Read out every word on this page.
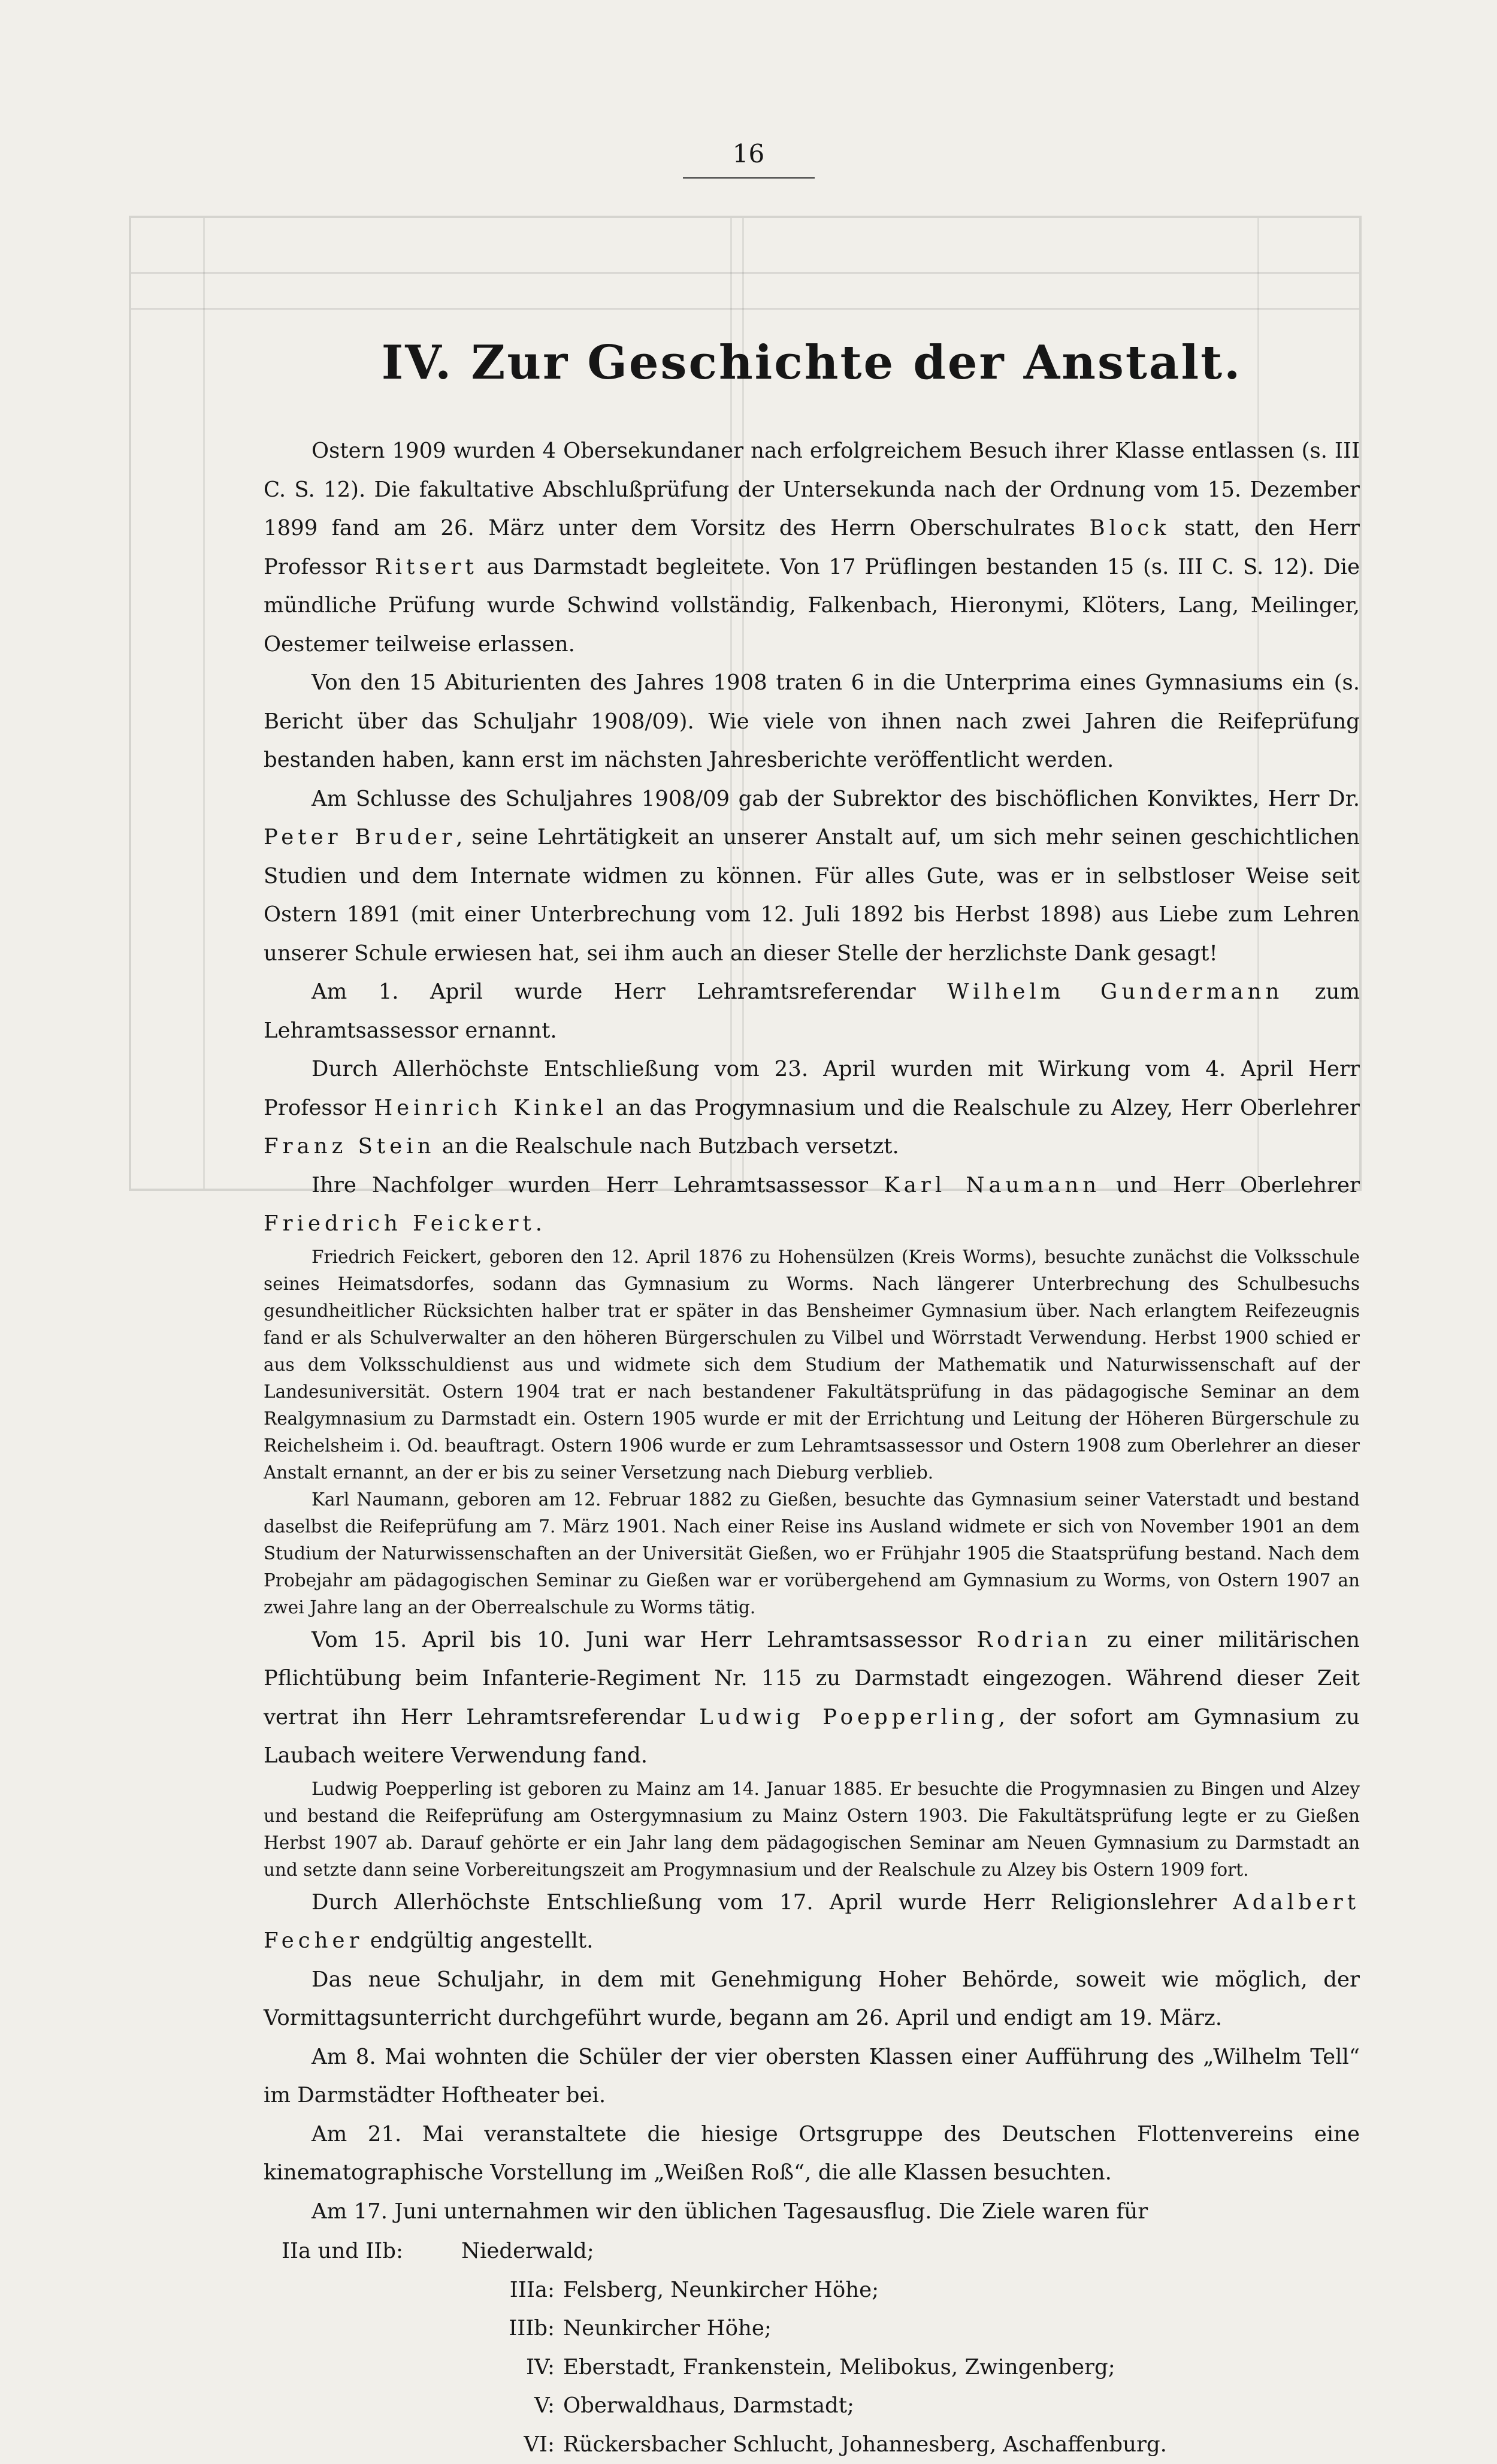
16
IV. Zur Geschichte der Anstalt.

Ostern 1909 wurden 4 Obersekundaner nach erfolgreichem Besuch ihrer Klasse entlassen (s. III C. S. 12). Die fakultative Abschlußprüfung der Untersekunda nach der Ordnung vom 15. Dezember 1899 fand am 26. März unter dem Vorsitz des Herrn Oberschulrates Block statt, den Herr Professor Ritsert aus Darmstadt begleitete. Von 17 Prüflingen bestanden 15 (s. III C. S. 12). Die mündliche Prüfung wurde Schwind vollständig, Falkenbach, Hieronymi, Klöters, Lang, Meilinger, Oestemer teilweise erlassen.

Von den 15 Abiturienten des Jahres 1908 traten 6 in die Unterprima eines Gymnasiums ein (s. Bericht über das Schuljahr 1908/09). Wie viele von ihnen nach zwei Jahren die Reifeprüfung bestanden haben, kann erst im nächsten Jahresberichte veröffentlicht werden.

Am Schlusse des Schuljahres 1908/09 gab der Subrektor des bischöflichen Konviktes, Herr Dr. Peter Bruder, seine Lehrtätigkeit an unserer Anstalt auf, um sich mehr seinen geschichtlichen Studien und dem Internate widmen zu können. Für alles Gute, was er in selbstloser Weise seit Ostern 1891 (mit einer Unterbrechung vom 12. Juli 1892 bis Herbst 1898) aus Liebe zum Lehren unserer Schule erwiesen hat, sei ihm auch an dieser Stelle der herzlichste Dank gesagt!

Am 1. April wurde Herr Lehramtsreferendar Wilhelm Gundermann zum Lehramtsassessor ernannt.

Durch Allerhöchste Entschließung vom 23. April wurden mit Wirkung vom 4. April Herr Professor Heinrich Kinkel an das Progymnasium und die Realschule zu Alzey, Herr Oberlehrer Franz Stein an die Realschule nach Butzbach versetzt.

Ihre Nachfolger wurden Herr Lehramtsassessor Karl Naumann und Herr Oberlehrer Friedrich Feickert.

Friedrich Feickert, geboren den 12. April 1876 zu Hohensülzen (Kreis Worms), besuchte zunächst die Volksschule seines Heimatsdorfes, sodann das Gymnasium zu Worms. Nach längerer Unterbrechung des Schulbesuchs gesundheitlicher Rücksichten halber trat er später in das Bensheimer Gymnasium über. Nach erlangtem Reifezeugnis fand er als Schulverwalter an den höheren Bürgerschulen zu Vilbel und Wörrstadt Verwendung. Herbst 1900 schied er aus dem Volksschuldienst aus und widmete sich dem Studium der Mathematik und Naturwissenschaft auf der Landesuniversität. Ostern 1904 trat er nach bestandener Fakultätsprüfung in das pädagogische Seminar an dem Realgymnasium zu Darmstadt ein. Ostern 1905 wurde er mit der Errichtung und Leitung der Höheren Bürgerschule zu Reichelsheim i. Od. beauftragt. Ostern 1906 wurde er zum Lehramtsassessor und Ostern 1908 zum Oberlehrer an dieser Anstalt ernannt, an der er bis zu seiner Versetzung nach Dieburg verblieb.

Karl Naumann, geboren am 12. Februar 1882 zu Gießen, besuchte das Gymnasium seiner Vaterstadt und bestand daselbst die Reifeprüfung am 7. März 1901. Nach einer Reise ins Ausland widmete er sich von November 1901 an dem Studium der Naturwissenschaften an der Universität Gießen, wo er Frühjahr 1905 die Staatsprüfung bestand. Nach dem Probejahr am pädagogischen Seminar zu Gießen war er vorübergehend am Gymnasium zu Worms, von Ostern 1907 an zwei Jahre lang an der Oberrealschule zu Worms tätig.

Vom 15. April bis 10. Juni war Herr Lehramtsassessor Rodrian zu einer militärischen Pflichtübung beim Infanterie-Regiment Nr. 115 zu Darmstadt eingezogen. Während dieser Zeit vertrat ihn Herr Lehramtsreferendar Ludwig Poepperling, der sofort am Gymnasium zu Laubach weitere Verwendung fand.

Ludwig Poepperling ist geboren zu Mainz am 14. Januar 1885. Er besuchte die Progymnasien zu Bingen und Alzey und bestand die Reifeprüfung am Ostergymnasium zu Mainz Ostern 1903. Die Fakultätsprüfung legte er zu Gießen Herbst 1907 ab. Darauf gehörte er ein Jahr lang dem pädagogischen Seminar am Neuen Gymnasium zu Darmstadt an und setzte dann seine Vorbereitungszeit am Progymnasium und der Realschule zu Alzey bis Ostern 1909 fort.

Durch Allerhöchste Entschließung vom 17. April wurde Herr Religionslehrer Adalbert Fecher endgültig angestellt.

Das neue Schuljahr, in dem mit Genehmigung Hoher Behörde, soweit wie möglich, der Vormittagsunterricht durchgeführt wurde, begann am 26. April und endigt am 19. März.

Am 8. Mai wohnten die Schüler der vier obersten Klassen einer Aufführung des „Wilhelm Tell“ im Darmstädter Hoftheater bei.

Am 21. Mai veranstaltete die hiesige Ortsgruppe des Deutschen Flottenvereins eine kinematographische Vorstellung im „Weißen Roß“, die alle Klassen besuchten.

Am 17. Juni unternahmen wir den üblichen Tagesausflug. Die Ziele waren für

IIa und IIb:	Niederwald;
IIIa: Felsberg, Neunkircher Höhe;
IIIb: Neunkircher Höhe;
IV: Eberstadt, Frankenstein, Melibokus, Zwingenberg;
V: Oberwaldhaus, Darmstadt;
VI: Rückersbacher Schlucht, Johannesberg, Aschaffenburg.
